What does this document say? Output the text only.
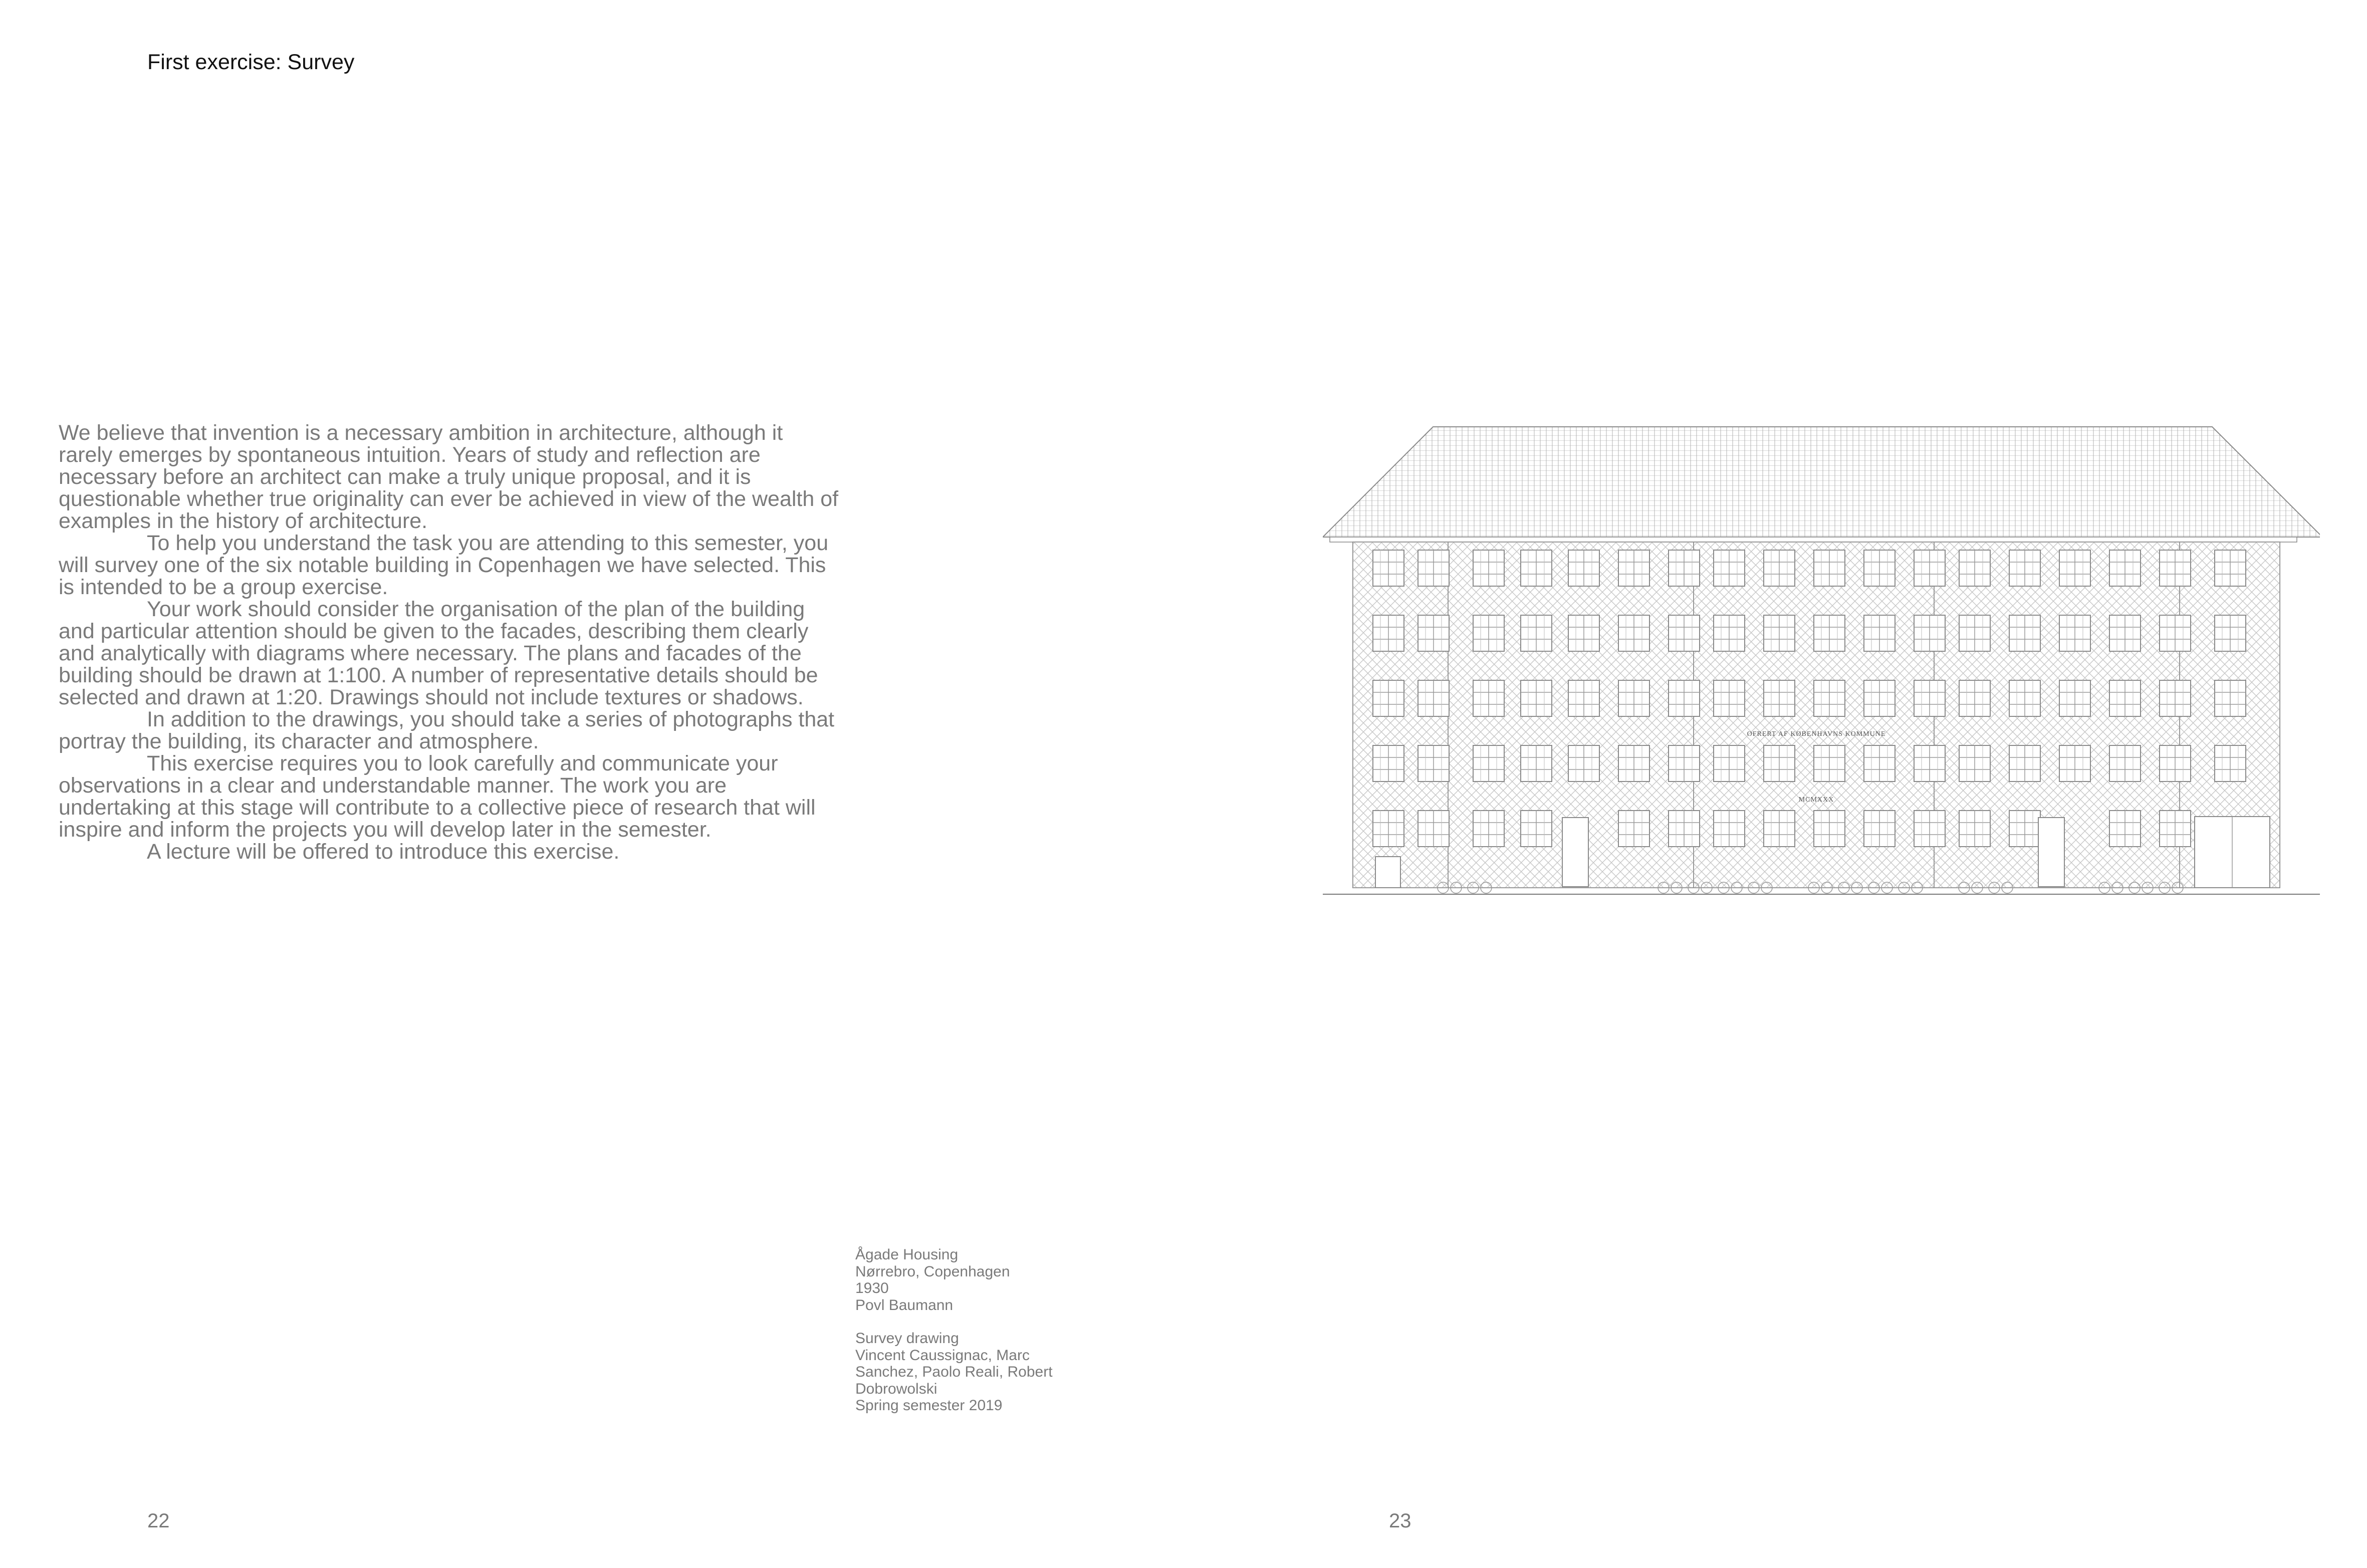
First exercise: Survey

We believe that invention is a necessary ambition in architecture, although it rarely emerges by spontaneous intuition. Years of study and reflection are necessary before an architect can make a truly unique proposal, and it is questionable whether true originality can ever be achieved in view of the wealth of examples in the history of architecture.

To help you understand the task you are attending to this semester, you will survey one of the six notable building in Copenhagen we have selected. This is intended to be a group exercise.

Your work should consider the organisation of the plan of the building and particular attention should be given to the facades, describing them clearly and analytically with diagrams where necessary. The plans and facades of the building should be drawn at 1:100. A number of representative details should be selected and drawn at 1:20. Drawings should not include textures or shadows.

In addition to the drawings, you should take a series of photographs that portray the building, its character and atmosphere.

This exercise requires you to look carefully and communicate your observations in a clear and understandable manner. The work you are undertaking at this stage will contribute to a collective piece of research that will inspire and inform the projects you will develop later in the semester.

A lecture will be offered to introduce this exercise.

OFRERT AF KØBENHAVNS KOMMUNE
MCMXXX
Ågade Housing
Nørrebro, Copenhagen
1930
Povl Baumann
Survey drawing
Vincent Caussignac, Marc
Sanchez, Paolo Reali, Robert
Dobrowolski
Spring semester 2019
22	23
